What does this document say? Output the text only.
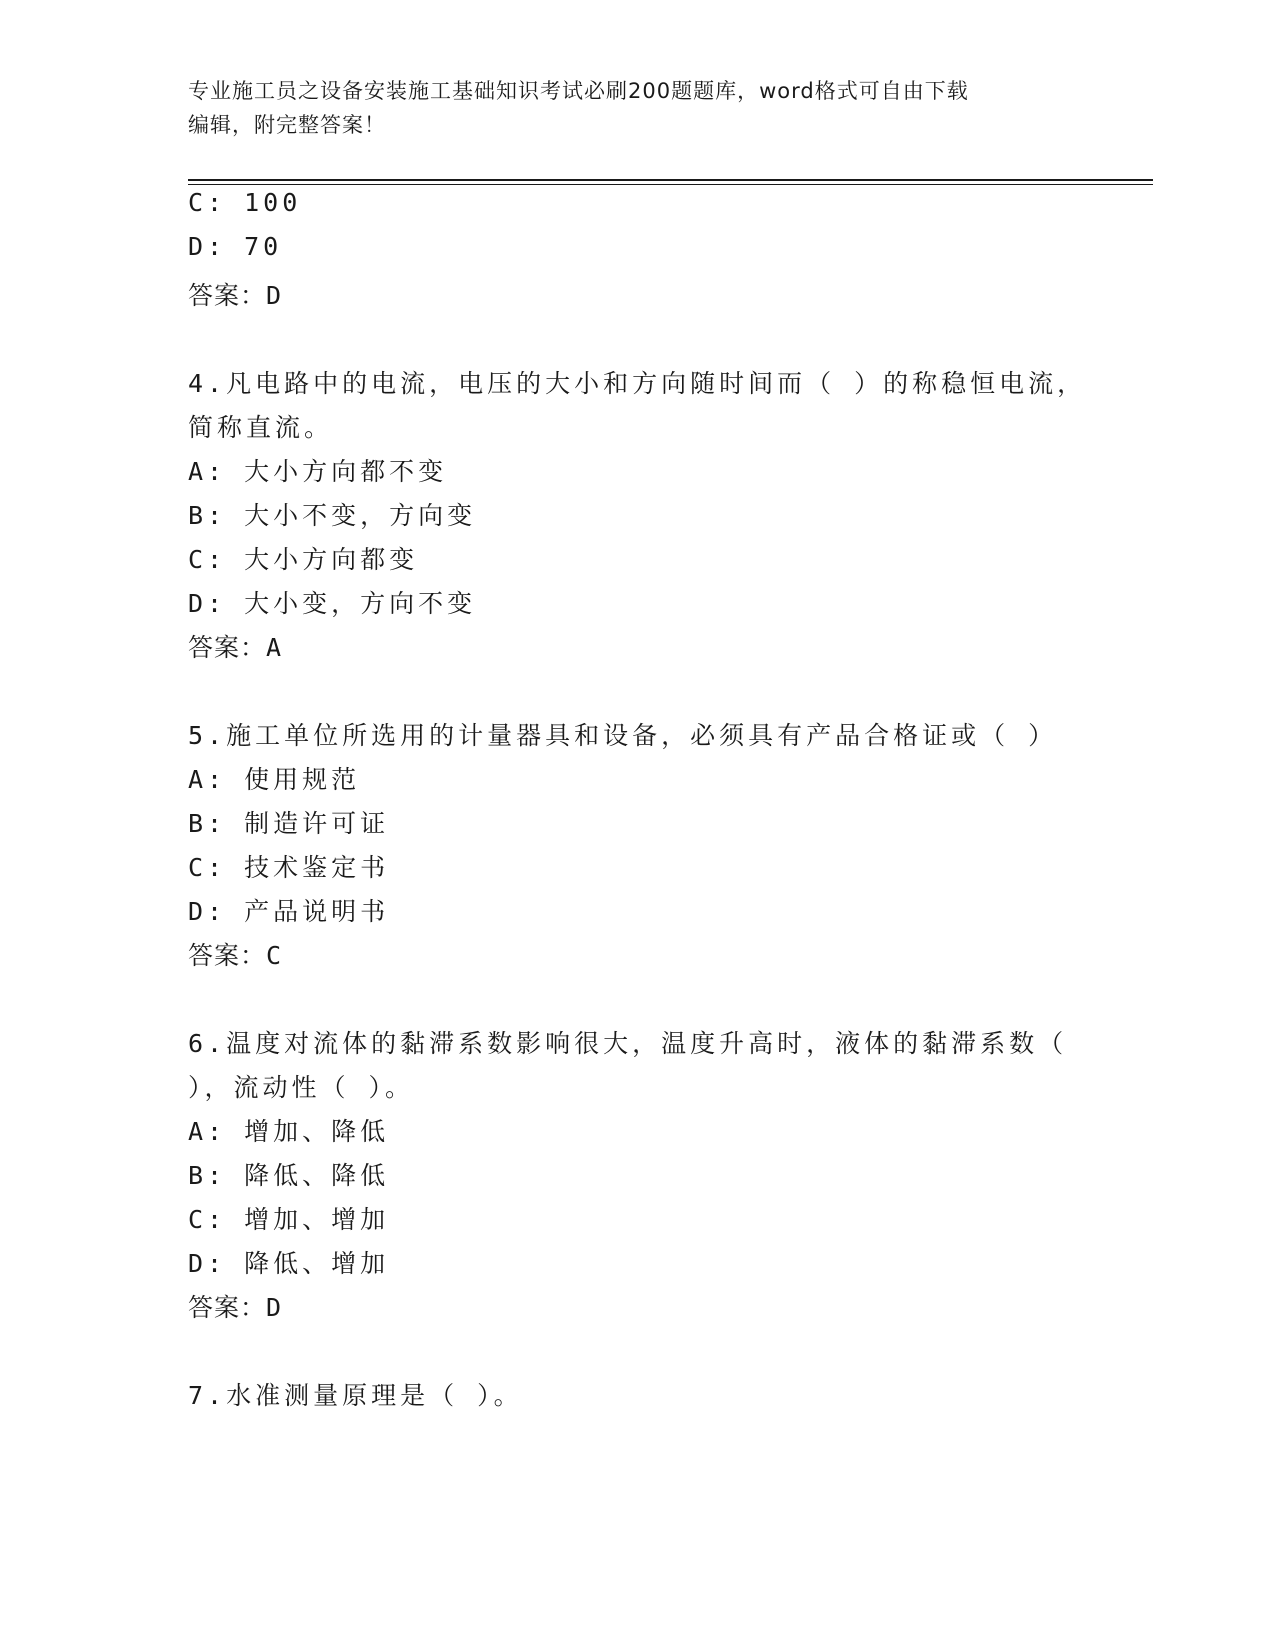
专业施工员之设备安装施工基础知识考试必刷200题题库，word格式可自由下载
编辑，附完整答案！
C: 100
D: 70
答案：D
4.凡电路中的电流，电压的大小和方向随时间而（ ）的称稳恒电流，
简称直流。
A: 大小方向都不变
B: 大小不变，方向变
C: 大小方向都变
D: 大小变，方向不变
答案：A
5.施工单位所选用的计量器具和设备，必须具有产品合格证或（ ）
A: 使用规范
B: 制造许可证
C: 技术鉴定书
D: 产品说明书
答案：C
6.温度对流体的黏滞系数影响很大，温度升高时，液体的黏滞系数（
），流动性（ ）。
A: 增加、降低
B: 降低、降低
C: 增加、增加
D: 降低、增加
答案：D
7.水准测量原理是（ ）。
